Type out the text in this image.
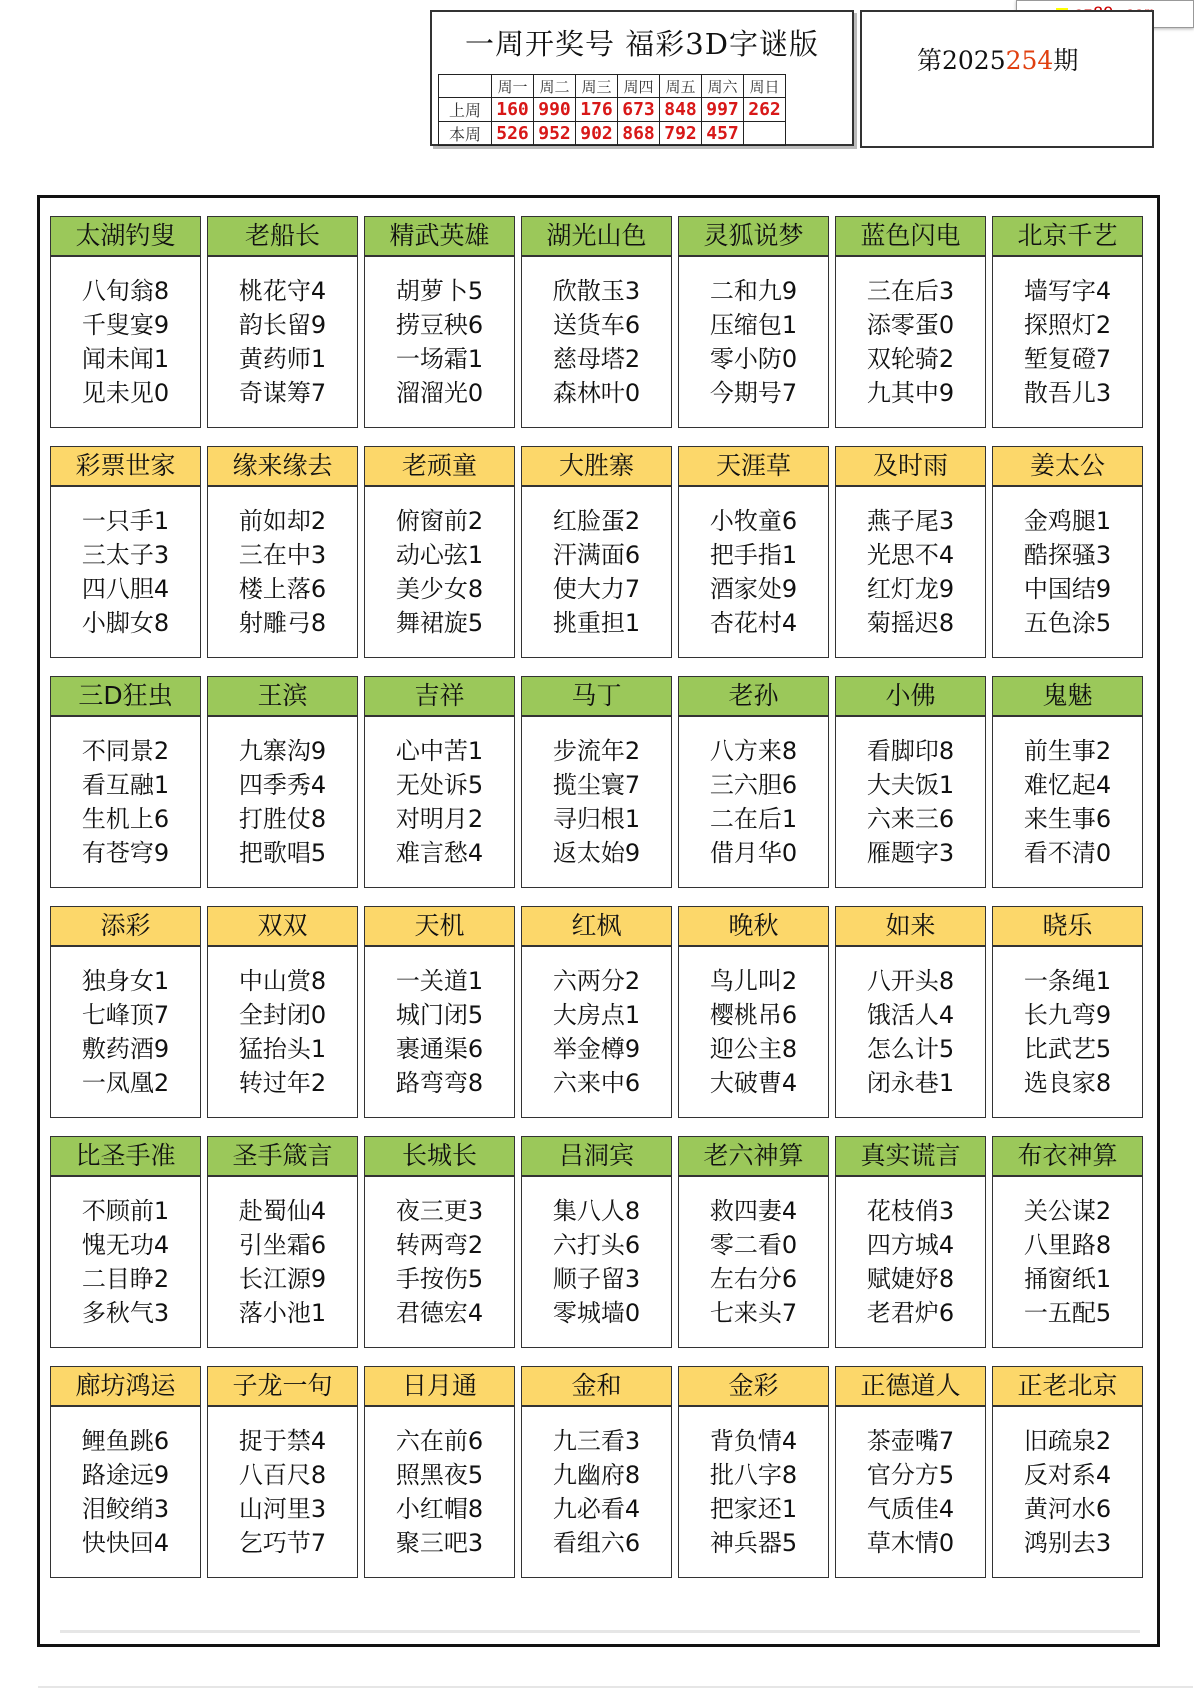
一周开奖号 福彩3D字谜版
	周一	周二	周三	周四	周五	周六	周日
上周	160	990	176	673	848	997	262
本周	526	952	902	868	792	457	
第2025254期
太湖钓叟
八旬翁8
千叟宴9
闻未闻1
见未见0
老船长
桃花守4
韵长留9
黄药师1
奇谋筹7
精武英雄
胡萝卜5
捞豆秧6
一场霜1
溜溜光0
湖光山色
欣散玉3
送货车6
慈母塔2
森林叶0
灵狐说梦
二和九9
压缩包1
零小防0
今期号7
蓝色闪电
三在后3
添零蛋0
双轮骑2
九其中9
北京千艺
墙写字4
探照灯2
堑复磴7
散吾儿3
彩票世家
一只手1
三太子3
四八胆4
小脚女8
缘来缘去
前如却2
三在中3
楼上落6
射雕弓8
老顽童
俯窗前2
动心弦1
美少女8
舞裙旋5
大胜寨
红脸蛋2
汗满面6
使大力7
挑重担1
天涯草
小牧童6
把手指1
酒家处9
杏花村4
及时雨
燕子尾3
光思不4
红灯龙9
菊摇迟8
姜太公
金鸡腿1
酷探骚3
中国结9
五色涂5
三D狂虫
不同景2
看互融1
生机上6
有苍穹9
王滨
九寨沟9
四季秀4
打胜仗8
把歌唱5
吉祥
心中苦1
无处诉5
对明月2
难言愁4
马丁
步流年2
揽尘寰7
寻归根1
返太始9
老孙
八方来8
三六胆6
二在后1
借月华0
小佛
看脚印8
大夫饭1
六来三6
雁题字3
鬼魅
前生事2
难忆起4
来生事6
看不清0
添彩
独身女1
七峰顶7
敷药酒9
一凤凰2
双双
中山赏8
全封闭0
猛抬头1
转过年2
天机
一关道1
城门闭5
裹通渠6
路弯弯8
红枫
六两分2
大房点1
举金樽9
六来中6
晚秋
鸟儿叫2
樱桃吊6
迎公主8
大破曹4
如来
八开头8
饿活人4
怎么计5
闭永巷1
晓乐
一条绳1
长九弯9
比武艺5
选良家8
比圣手准
不顾前1
愧无功4
二目睁2
多秋气3
圣手箴言
赴蜀仙4
引坐霜6
长江源9
落小池1
长城长
夜三更3
转两弯2
手按伤5
君德宏4
吕洞宾
集八人8
六打头6
顺子留3
零城墙0
老六神算
救四妻4
零二看0
左右分6
七来头7
真实谎言
花枝俏3
四方城4
赋婕妤8
老君炉6
布衣神算
关公谋2
八里路8
捅窗纸1
一五配5
廊坊鸿运
鲤鱼跳6
路途远9
泪鲛绡3
快快回4
子龙一句
捉于禁4
八百尺8
山河里3
乞巧节7
日月通
六在前6
照黑夜5
小红帽8
聚三吧3
金和
九三看3
九幽府8
九必看4
看组六6
金彩
背负情4
批八字8
把家还1
神兵器5
正德道人
茶壶嘴7
官分方5
气质佳4
草木情0
正老北京
旧疏泉2
反对系4
黄河水6
鸿别去3
